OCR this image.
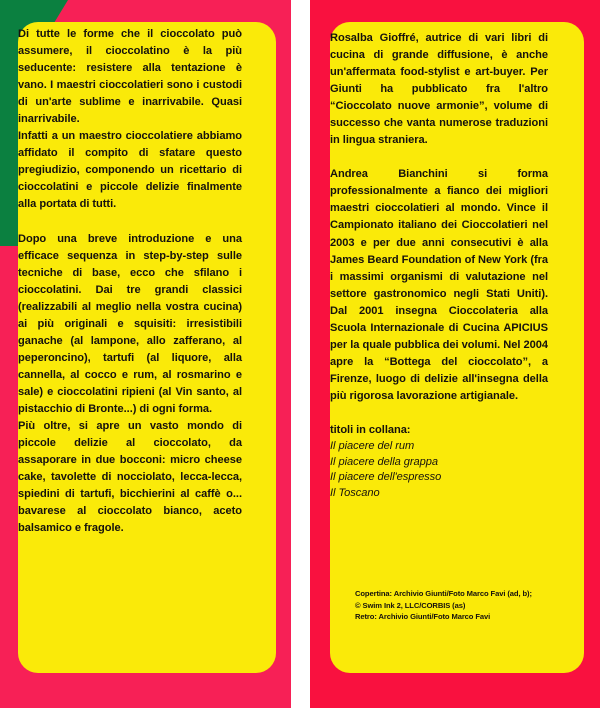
Di tutte le forme che il cioccolato può assumere, il cioccolatino è la più seducente: resistere alla tentazione è vano. I maestri cioccolatieri sono i custodi di un'arte sublime e inarrivabile. Quasi inarrivabile.

Infatti a un maestro cioccolatiere abbiamo affidato il compito di sfatare questo pregiudizio, componendo un ricettario di cioccolatini e piccole delizie finalmente alla portata di tutti.

Dopo una breve introduzione e una efficace sequenza in step-by-step sulle tecniche di base, ecco che sfilano i cioccolatini. Dai tre grandi classici (realizzabili al meglio nella vostra cucina) ai più originali e squisiti: irresistibili ganache (al lampone, allo zafferano, al peperoncino), tartufi (al liquore, alla cannella, al cocco e rum, al rosmarino e sale) e cioccolatini ripieni (al Vin santo, al pistacchio di Bronte...) di ogni forma.

Più oltre, si apre un vasto mondo di piccole delizie al cioccolato, da assaporare in due bocconi: micro cheese cake, tavolette di nocciolato, lecca-lecca, spiedini di tartufi, bicchierini al caffè o... bavarese al cioccolato bianco, aceto balsamico e fragole.

Rosalba Gioffré, autrice di vari libri di cucina di grande diffusione, è anche un'affermata food-stylist e art-buyer. Per Giunti ha pubblicato fra l'altro “Cioccolato nuove armonie”, volume di successo che vanta numerose traduzioni in lingua straniera.

Andrea Bianchini si forma professionalmente a fianco dei migliori maestri cioccolatieri al mondo. Vince il Campionato italiano dei Cioccolatieri nel 2003 e per due anni consecutivi è alla James Beard Foundation of New York (fra i massimi organismi di valutazione nel settore gastronomico negli Stati Uniti). Dal 2001 insegna Cioccolateria alla Scuola Internazionale di Cucina APICIUS per la quale pubblica dei volumi. Nel 2004 apre la “Bottega del cioccolato”, a Firenze, luogo di delizie all'insegna della più rigorosa lavorazione artigianale.

titoli in collana:
Il piacere del rum
Il piacere della grappa
Il piacere dell'espresso
Il Toscano
Copertina: Archivio Giunti/Foto Marco Favi (ad, b);
© Swim Ink 2, LLC/CORBIS (as)
Retro: Archivio Giunti/Foto Marco Favi
